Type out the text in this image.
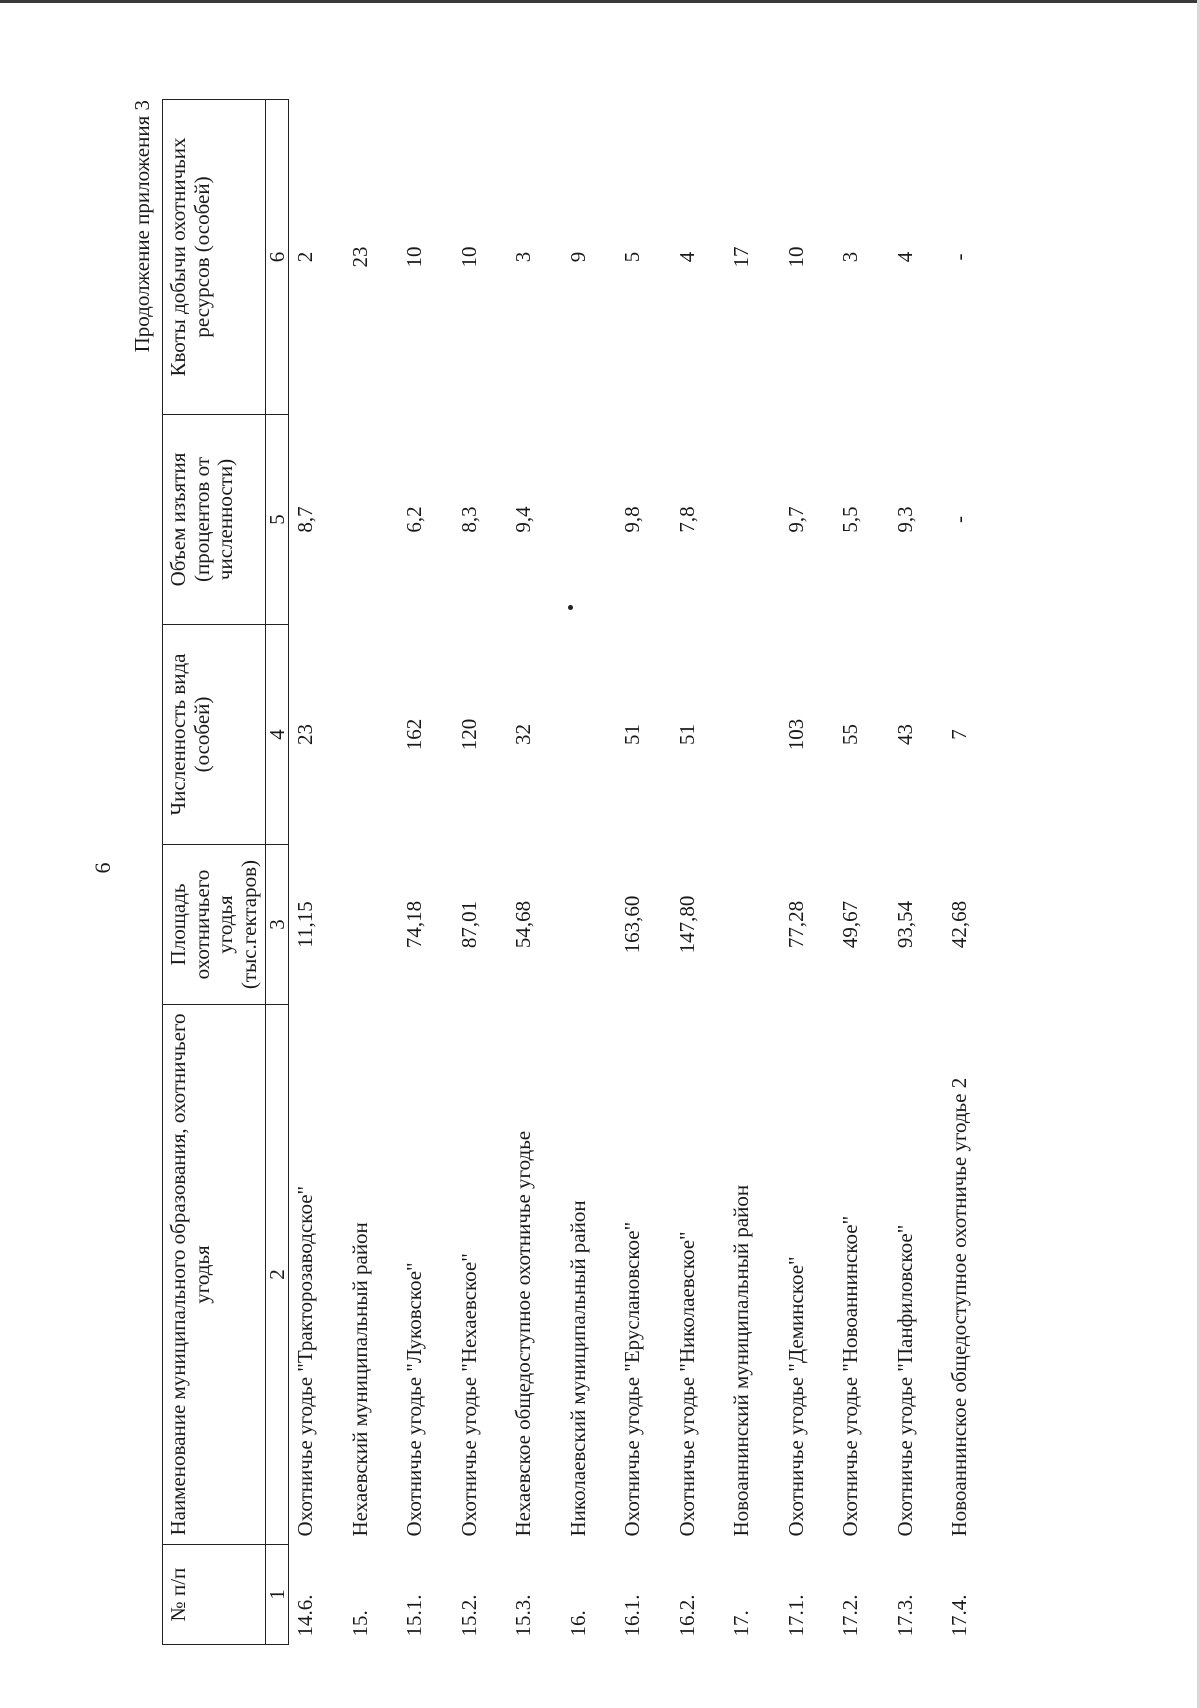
6
Продолжение приложения 3
№ п/п	Наименование муниципального образования, охотничьего угодья	Площадь охотничьего угодья (тыс.гектаров)	Численность вида (особей)	Объем изъятия (процентов от численности)	Квоты добычи охотничьих ресурсов (особей)
1	2	3	4	5	6
14.6.	Охотничье угодье "Тракторозаводское"	11,15	23	8,7	2
15.	Нехаевский муниципальный район				23
15.1.	Охотничье угодье "Луковское"	74,18	162	6,2	10
15.2.	Охотничье угодье "Нехаевское"	87,01	120	8,3	10
15.3.	Нехаевское общедоступное охотничье угодье	54,68	32	9,4	3
16.	Николаевский муниципальный район				9
16.1.	Охотничье угодье "Еруслановское"	163,60	51	9,8	5
16.2.	Охотничье угодье "Николаевское"	147,80	51	7,8	4
17.	Новоаннинский муниципальный район				17
17.1.	Охотничье угодье "Деминское"	77,28	103	9,7	10
17.2.	Охотничье угодье "Новоаннинское"	49,67	55	5,5	3
17.3.	Охотничье угодье "Панфиловское"	93,54	43	9,3	4
17.4.	Новоаннинское общедоступное охотничье угодье 2	42,68	7	-	-
